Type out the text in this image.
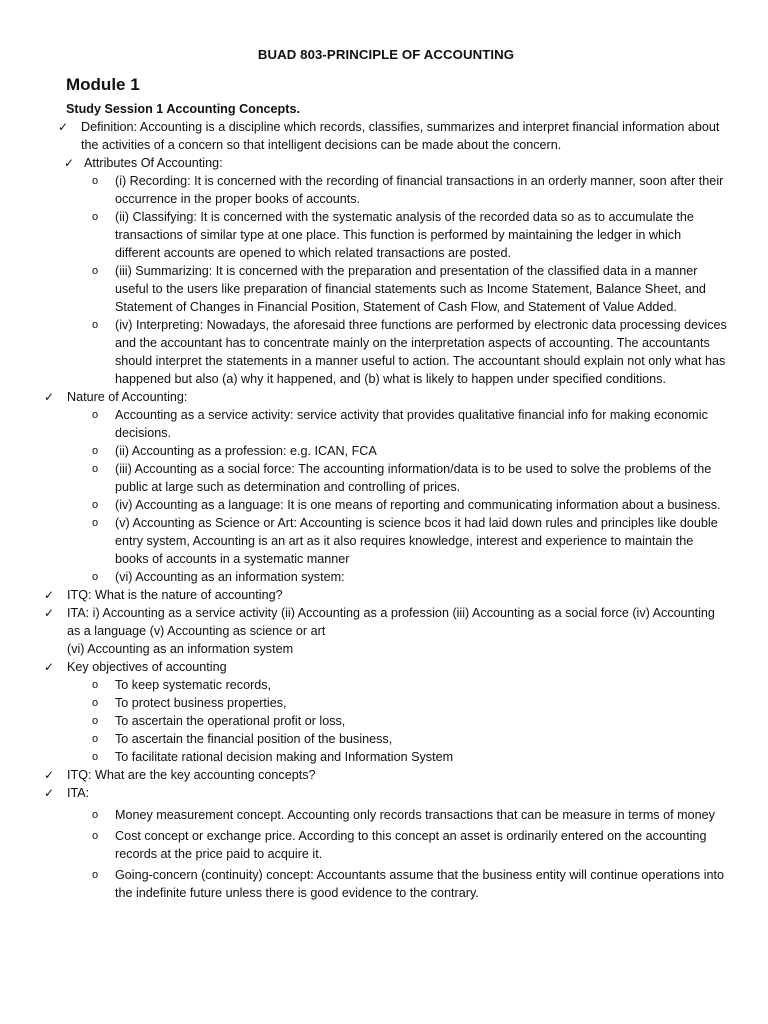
BUAD 803-PRINCIPLE OF ACCOUNTING
Module 1
Study Session 1 Accounting Concepts.
✓	Definition: Accounting is a discipline which records, classifies, summarizes and interpret financial information about the activities of a concern so that intelligent decisions can be made about the concern.
✓ Attributes Of Accounting:
o	(i) Recording: It is concerned with the recording of financial transactions in an orderly manner, soon after their occurrence in the proper books of accounts.
o	(ii) Classifying: It is concerned with the systematic analysis of the recorded data so as to accumulate the transactions of similar type at one place. This function is performed by maintaining the ledger in which different accounts are opened to which related transactions are posted.
o	(iii) Summarizing: It is concerned with the preparation and presentation of the classified data in a manner useful to the users like preparation of financial statements such as Income Statement, Balance Sheet, and Statement of Changes in Financial Position, Statement of Cash Flow, and Statement of Value Added.
o	(iv) Interpreting: Nowadays, the aforesaid three functions are performed by electronic data processing devices and the accountant has to concentrate mainly on the interpretation aspects of accounting. The accountants should interpret the statements in a manner useful to action. The accountant should explain not only what has happened but also (a) why it happened, and (b) what is likely to happen under specified conditions.
✓	Nature of Accounting:
o	Accounting as a service activity: service activity that provides qualitative financial info for making economic decisions.
o	(ii) Accounting as a profession: e.g. ICAN, FCA
o	(iii) Accounting as a social force: The accounting information/data is to be used to solve the problems of the public at large such as determination and controlling of prices.
o	(iv) Accounting as a language: It is one means of reporting and communicating information about a business.
o	(v) Accounting as Science or Art: Accounting is science bcos it had laid down rules and principles like double entry system, Accounting is an art as it also requires knowledge, interest and experience to maintain the books of accounts in a systematic manner
o	(vi) Accounting as an information system:
✓	ITQ: What is the nature of accounting?
✓	ITA: i) Accounting as a service activity (ii) Accounting as a profession (iii) Accounting as a social force (iv) Accounting as a language (v) Accounting as science or art
(vi) Accounting as an information system
✓	Key objectives of accounting
o	To keep systematic records,
o	To protect business properties,
o	To ascertain the operational profit or loss,
o	To ascertain the financial position of the business,
o	To facilitate rational decision making and Information System
✓	ITQ: What are the key accounting concepts?
✓	ITA:
o	Money measurement concept. Accounting only records transactions that can be measure in terms of money
o	Cost concept or exchange price. According to this concept an asset is ordinarily entered on the accounting records at the price paid to acquire it.
o	Going-concern (continuity) concept: Accountants assume that the business entity will continue operations into the indefinite future unless there is good evidence to the contrary.
